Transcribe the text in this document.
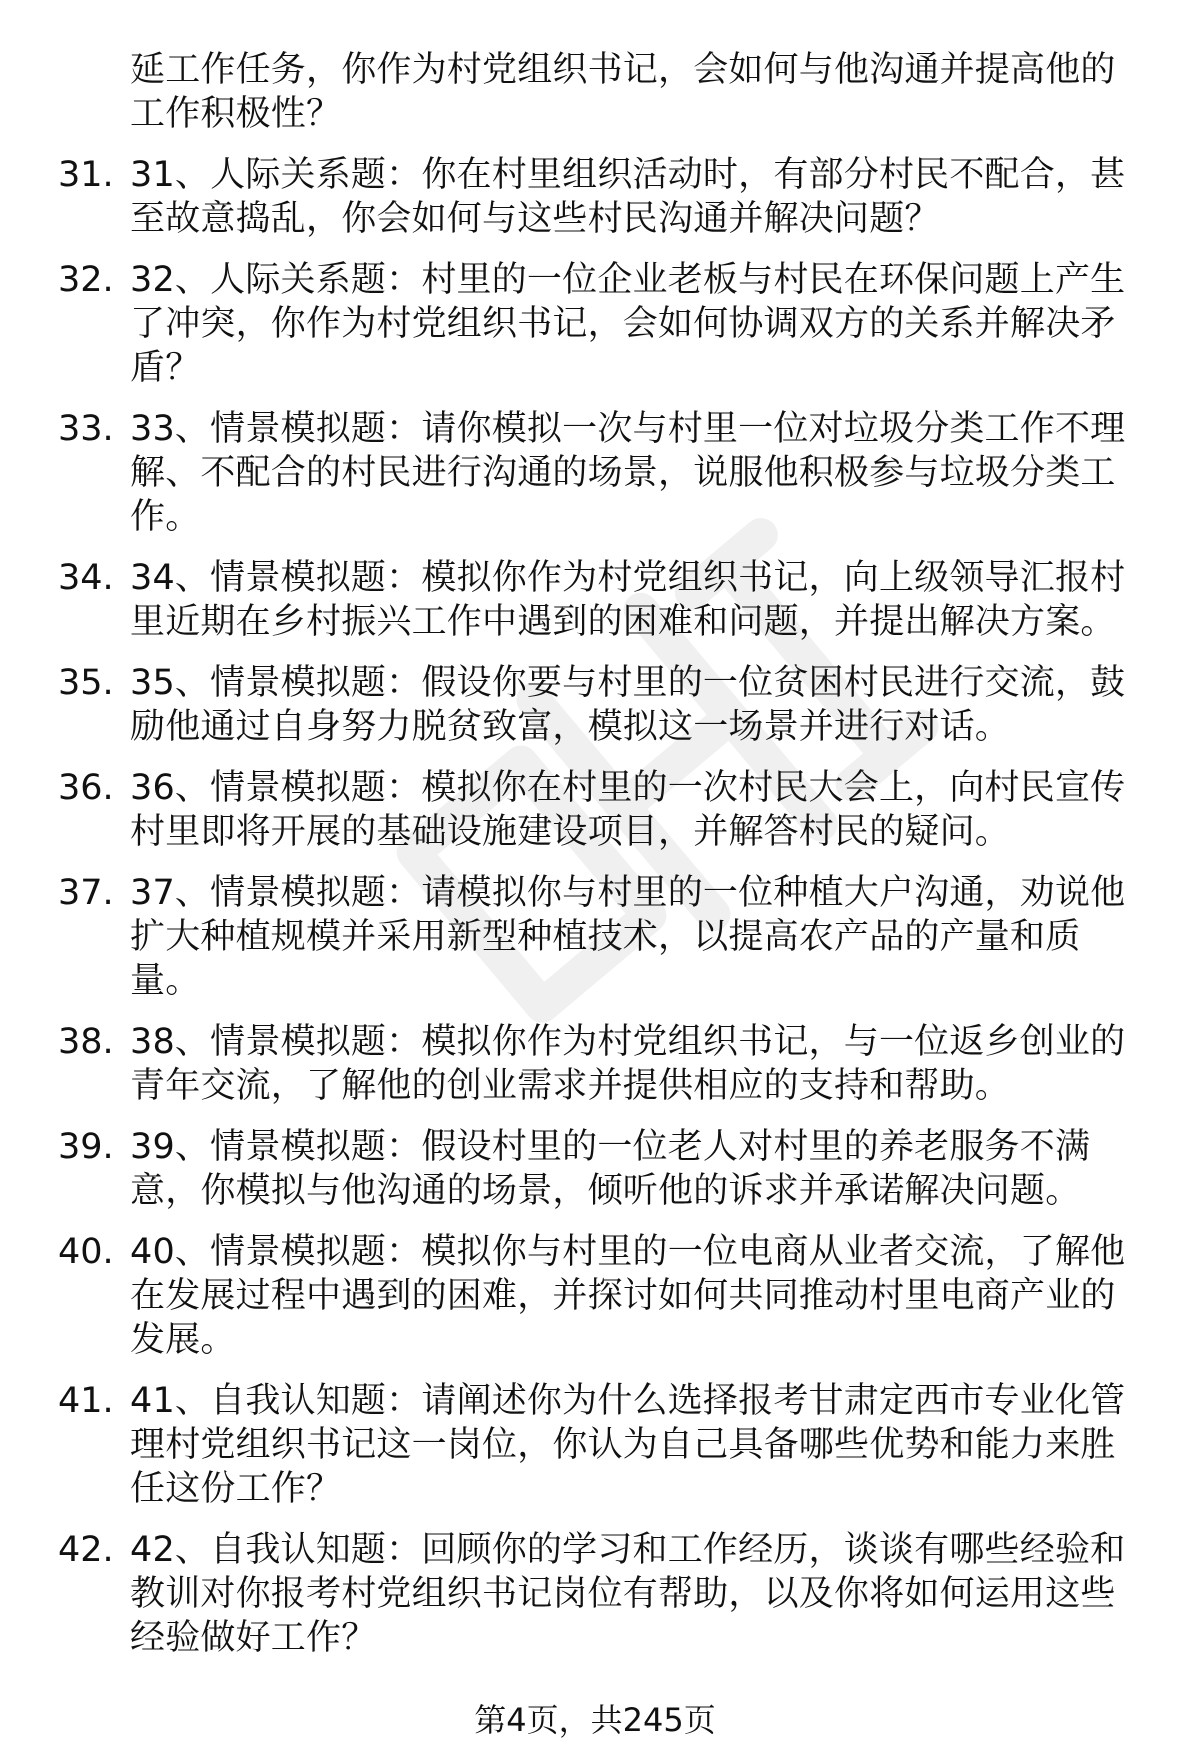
延工作任务，你作为村党组织书记，会如何与他沟通并提高他的工作积极性？
31. 31、人际关系题：你在村里组织活动时，有部分村民不配合，甚至故意捣乱，你会如何与这些村民沟通并解决问题？
32. 32、人际关系题：村里的一位企业老板与村民在环保问题上产生了冲突，你作为村党组织书记，会如何协调双方的关系并解决矛盾？
33. 33、情景模拟题：请你模拟一次与村里一位对垃圾分类工作不理解、不配合的村民进行沟通的场景，说服他积极参与垃圾分类工作。
34. 34、情景模拟题：模拟你作为村党组织书记，向上级领导汇报村里近期在乡村振兴工作中遇到的困难和问题，并提出解决方案。
35. 35、情景模拟题：假设你要与村里的一位贫困村民进行交流，鼓励他通过自身努力脱贫致富，模拟这一场景并进行对话。
36. 36、情景模拟题：模拟你在村里的一次村民大会上，向村民宣传村里即将开展的基础设施建设项目，并解答村民的疑问。
37. 37、情景模拟题：请模拟你与村里的一位种植大户沟通，劝说他扩大种植规模并采用新型种植技术，以提高农产品的产量和质量。
38. 38、情景模拟题：模拟你作为村党组织书记，与一位返乡创业的青年交流，了解他的创业需求并提供相应的支持和帮助。
39. 39、情景模拟题：假设村里的一位老人对村里的养老服务不满意，你模拟与他沟通的场景，倾听他的诉求并承诺解决问题。
40. 40、情景模拟题：模拟你与村里的一位电商从业者交流，了解他在发展过程中遇到的困难，并探讨如何共同推动村里电商产业的发展。
41. 41、自我认知题：请阐述你为什么选择报考甘肃定西市专业化管理村党组织书记这一岗位，你认为自己具备哪些优势和能力来胜任这份工作？
42. 42、自我认知题：回顾你的学习和工作经历，谈谈有哪些经验和教训对你报考村党组织书记岗位有帮助，以及你将如何运用这些经验做好工作？
第4页，共245页
